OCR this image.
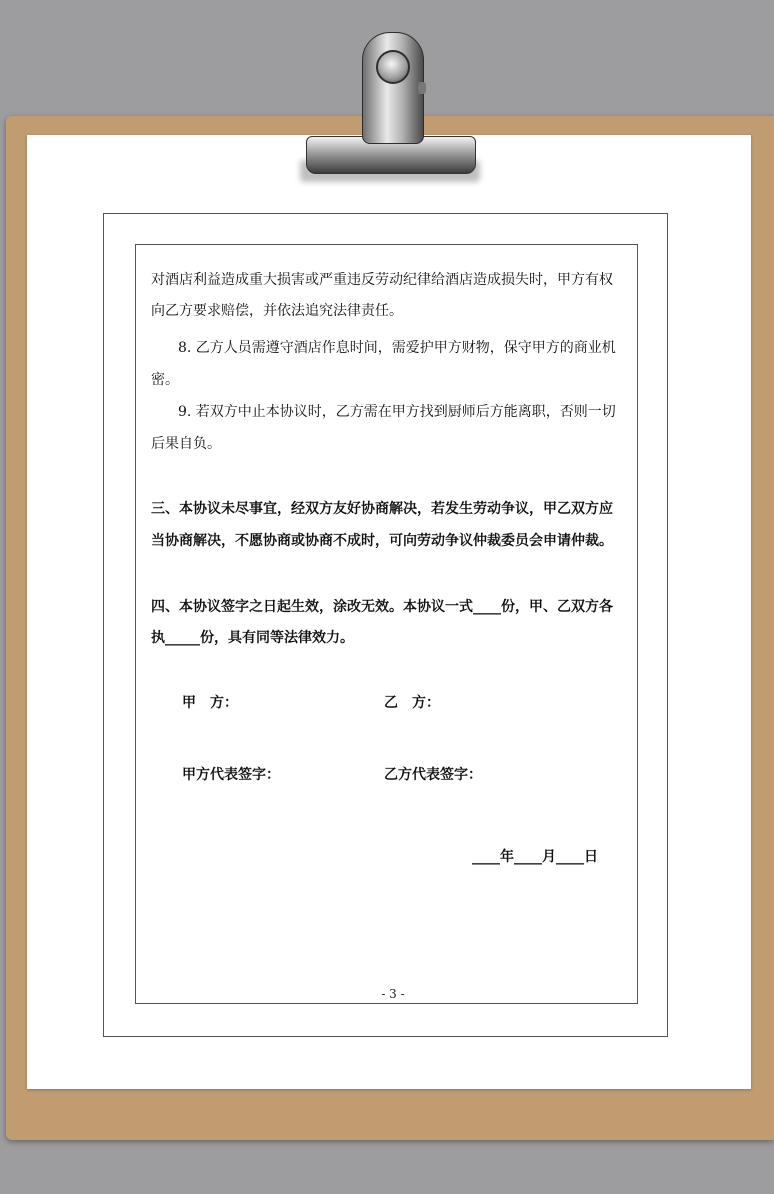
对酒店利益造成重大损害或严重违反劳动纪律给酒店造成损失时，甲方有权
向乙方要求赔偿，并依法追究法律责任。
8. 乙方人员需遵守酒店作息时间，需爱护甲方财物，保守甲方的商业机
密。
9. 若双方中止本协议时，乙方需在甲方找到厨师后方能离职，否则一切
后果自负。
三、本协议未尽事宜，经双方友好协商解决，若发生劳动争议，甲乙双方应
当协商解决，不愿协商或协商不成时，可向劳动争议仲裁委员会申请仲裁。
四、本协议签字之日起生效，涂改无效。本协议一式____份，甲、乙双方各
执_____份，具有同等法律效力。
甲　方：	乙　方：
甲方代表签字：	乙方代表签字：
____年____月____日
- 3 -
